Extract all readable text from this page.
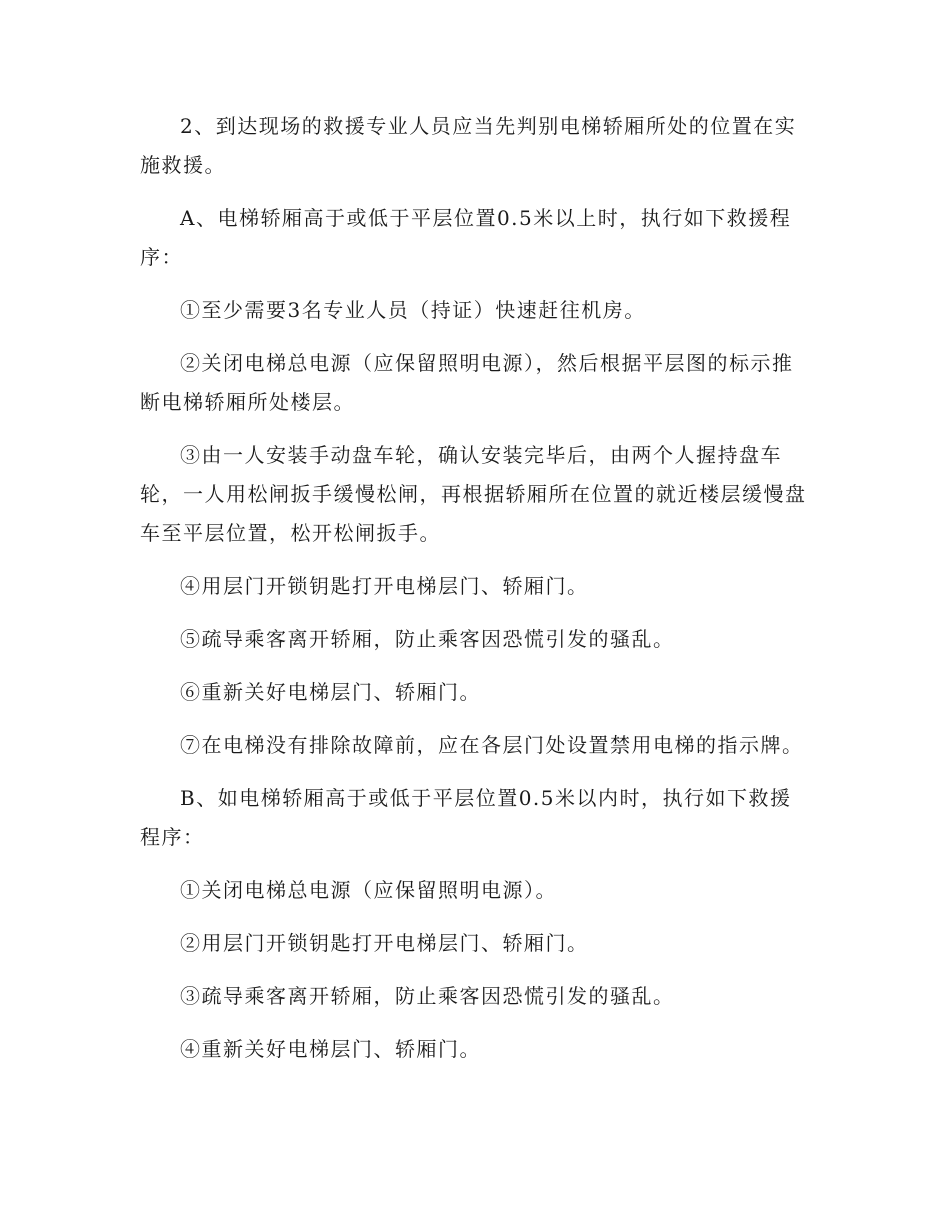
2、到达现场的救援专业人员应当先判别电梯轿厢所处的位置在实施救援。

A、电梯轿厢高于或低于平层位置0.5米以上时，执行如下救援程序：

①至少需要3名专业人员（持证）快速赶往机房。

②关闭电梯总电源（应保留照明电源），然后根据平层图的标示推断电梯轿厢所处楼层。

③由一人安装手动盘车轮，确认安装完毕后，由两个人握持盘车轮，一人用松闸扳手缓慢松闸，再根据轿厢所在位置的就近楼层缓慢盘车至平层位置，松开松闸扳手。

④用层门开锁钥匙打开电梯层门、轿厢门。

⑤疏导乘客离开轿厢，防止乘客因恐慌引发的骚乱。

⑥重新关好电梯层门、轿厢门。

⑦在电梯没有排除故障前，应在各层门处设置禁用电梯的指示牌。

B、如电梯轿厢高于或低于平层位置0.5米以内时，执行如下救援程序：

①关闭电梯总电源（应保留照明电源）。

②用层门开锁钥匙打开电梯层门、轿厢门。

③疏导乘客离开轿厢，防止乘客因恐慌引发的骚乱。

④重新关好电梯层门、轿厢门。
